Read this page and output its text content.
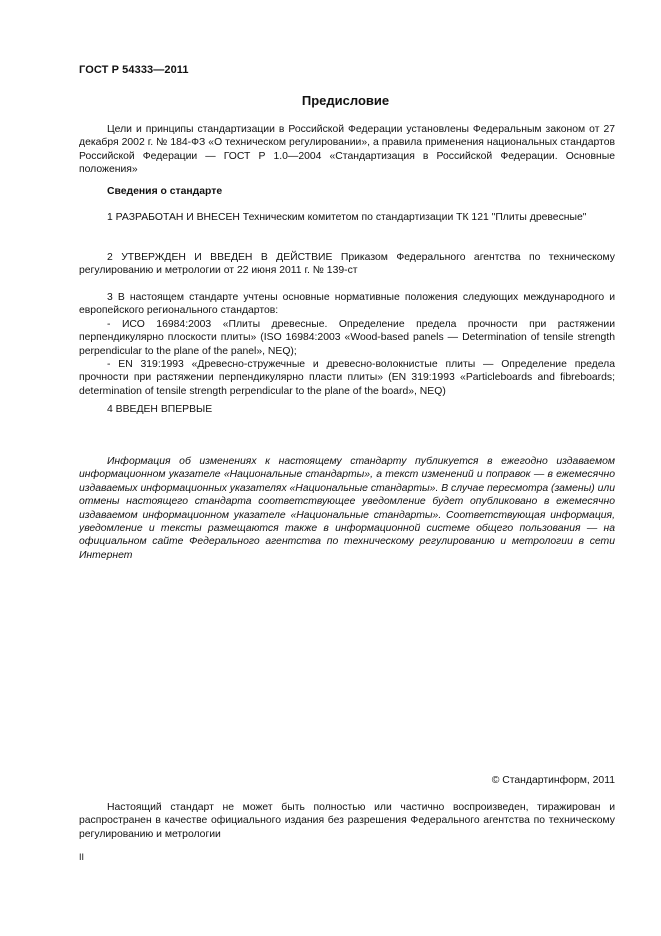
ГОСТ Р 54333—2011
Предисловие

Цели и принципы стандартизации в Российской Федерации установлены Федеральным законом от 27 декабря 2002 г. № 184-ФЗ «О техническом регулировании», а правила применения национальных стандартов Российской Федерации — ГОСТ Р 1.0—2004 «Стандартизация в Российской Федерации. Основные положения»

Сведения о стандарте

1 РАЗРАБОТАН И ВНЕСЕН Техническим комитетом по стандартизации ТК 121 "Плиты древесные"

2 УТВЕРЖДЕН И ВВЕДЕН В ДЕЙСТВИЕ Приказом Федерального агентства по техническому регулированию и метрологии от 22 июня 2011 г. № 139-ст

3 В настоящем стандарте учтены основные нормативные положения следующих международного и европейского регионального стандартов:

- ИСО 16984:2003 «Плиты древесные. Определение предела прочности при растяжении перпендикулярно плоскости плиты» (ISO 16984:2003 «Wood-based panels — Determination of tensile strength perpendicular to the plane of the panel», NEQ);

- EN 319:1993 «Древесно-стружечные и древесно-волокнистые плиты — Определение предела прочности при растяжении перпендикулярно пласти плиты» (EN 319:1993 «Particleboards and fibreboards; determination of tensile strength perpendicular to the plane of the board», NEQ)

4 ВВЕДЕН ВПЕРВЫЕ

Информация об изменениях к настоящему стандарту публикуется в ежегодно издаваемом информационном указателе «Национальные стандарты», а текст изменений и поправок — в ежемесячно издаваемых информационных указателях «Национальные стандарты». В случае пересмотра (замены) или отмены настоящего стандарта соответствующее уведомление будет опубликовано в ежемесячно издаваемом информационном указателе «Национальные стандарты». Соответствующая информация, уведомление и тексты размещаются также в информационной системе общего пользования — на официальном сайте Федерального агентства по техническому регулированию и метрологии в сети Интернет

© Стандартинформ, 2011

Настоящий стандарт не может быть полностью или частично воспроизведен, тиражирован и распространен в качестве официального издания без разрешения Федерального агентства по техническому регулированию и метрологии

II
